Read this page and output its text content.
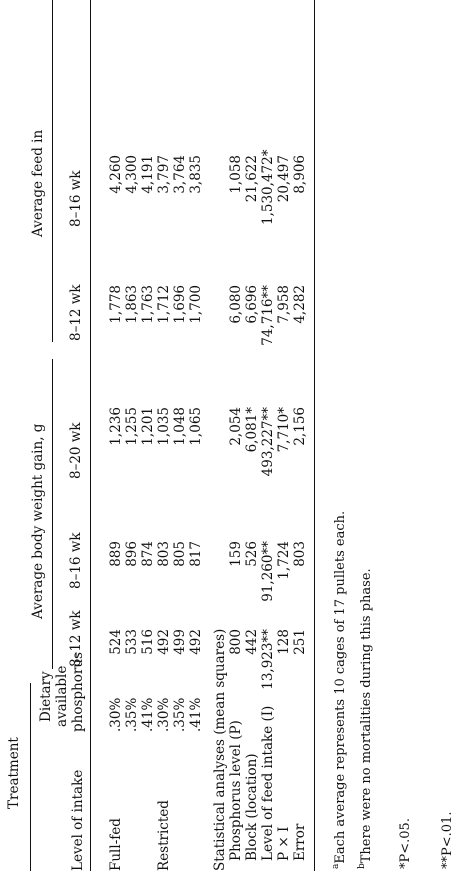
Treatment
Dietary available phosphorus
Level of intake
Average body weight gain, g
Average feed in
8–12 wk
8–16 wk
8–20 wk
8–12 wk
8–16 wk
Full-fed
.30%
524
889
1,236
1,778
4,260
.35%
533
896
1,255
1,863
4,300
.41%
516
874
1,201
1,763
4,191
Restricted
.30%
492
803
1,035
1,712
3,797
.35%
499
805
1,048
1,696
3,764
.41%
492
817
1,065
1,700
3,835
Statistical analyses (mean squares) Phosphorus level (P)
800
159
2,054
6,080
1,058
Block (location)
442
526
6,081*
6,696
21,622
Level of feed intake (I)
13,923**
91,260**
493,227**
74,716**
1,530,472*
P × I
128
1,724
7,710*
7,958
20,497
Error
251
803
2,156
4,282
8,906
$^a$Each average represents 10 cages of 17 pullets each.
$^b$There were no mortalities during this phase. *P<.05. **P<.01.
